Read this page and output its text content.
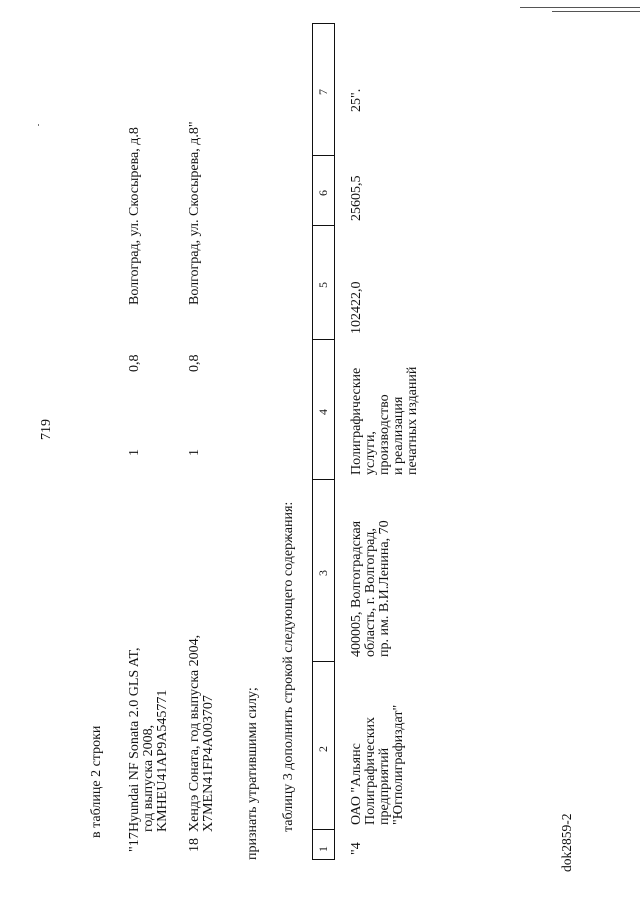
719
в таблице 2 строки
"17
Hyundai NF Sonata 2.0 GLS AT,
год выпуска 2008,
KMHEU41AP9A545771
1
0,8
Волгоград, ул. Скосырева, д.8
18
Хендэ Соната, год выпуска 2004,
X7MEN41FP4A003707
1
0,8
Волгоград, ул. Скосырева, д.8"
признать утратившими силу; таблицу 3 дополнить строкой следующего содержания:
1
2
3
4
5
6
7
"4
ОАО "Альянс
Полиграфических
предприятий
"Югполиграфиздат"
400005, Волгоградская
область, г. Волгоград,
пр. им. В.И.Ленина, 70
Полиграфические
услуги,
производство
и реализация
печатных изданий
102422,0
25605,5
25".
dok2859-2
